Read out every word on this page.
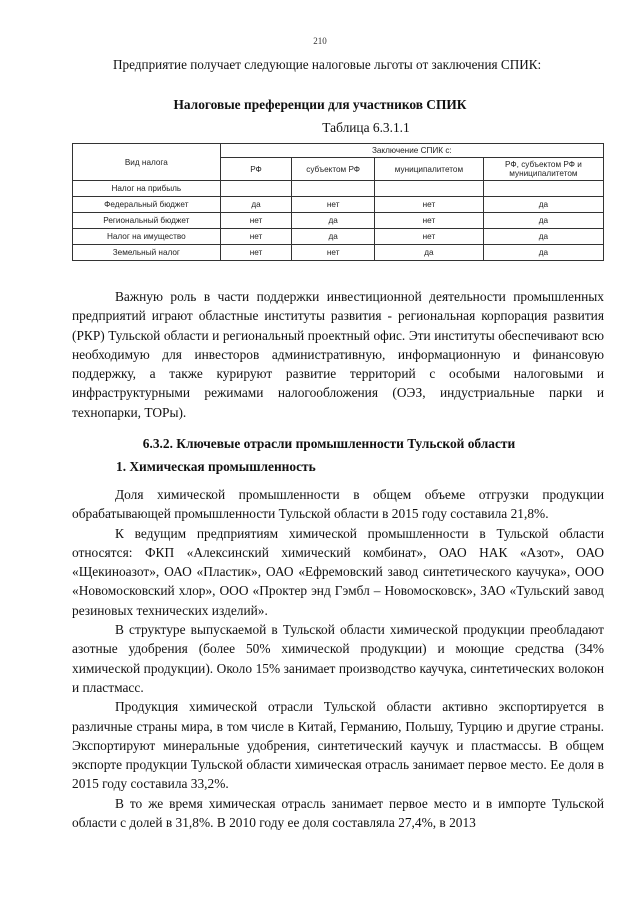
210
Предприятие получает следующие налоговые льготы от заключения СПИК:
Налоговые преференции для участников СПИК
Таблица 6.3.1.1
Вид налога	Заключение СПИК с:			
	РФ	субъектом РФ	муниципалитетом	РФ, субъектом РФ и муниципалитетом
Налог на прибыль				
Федеральный бюджет	да	нет	нет	да
Региональный бюджет	нет	да	нет	да
Налог на имущество	нет	да	нет	да
Земельный налог	нет	нет	да	да

Важную роль в части поддержки инвестиционной деятельности промышленных предприятий играют областные институты развития - региональная корпорация развития (РКР) Тульской области и региональный проектный офис. Эти институты обеспечивают всю необходимую для инвесторов административную, информационную и финансовую поддержку, а также курируют развитие территорий с особыми налоговыми и инфраструктурными режимами налогообложения (ОЭЗ, индустриальные парки и технопарки, ТОРы).

6.3.2. Ключевые отрасли промышленности Тульской области
1. Химическая промышленность

Доля химической промышленности в общем объеме отгрузки продукции обрабатывающей промышленности Тульской области в 2015 году составила 21,8%.

К ведущим предприятиям химической промышленности в Тульской области относятся: ФКП «Алексинский химический комбинат», ОАО НАК «Азот», ОАО «Щекиноазот», ОАО «Пластик», ОАО «Ефремовский завод синтетического каучука», ООО «Новомосковский хлор», ООО «Проктер энд Гэмбл – Новомосковск», ЗАО «Тульский завод резиновых технических изделий».

В структуре выпускаемой в Тульской области химической продукции преобладают азотные удобрения (более 50% химической продукции) и моющие средства (34% химической продукции). Около 15% занимает производство каучука, синтетических волокон и пластмасс.

Продукция химической отрасли Тульской области активно экспортируется в различные страны мира, в том числе в Китай, Германию, Польшу, Турцию и другие страны. Экспортируют минеральные удобрения, синтетический каучук и пластмассы. В общем экспорте продукции Тульской области химическая отрасль занимает первое место. Ее доля в 2015 году составила 33,2%.

В то же время химическая отрасль занимает первое место и в импорте Тульской области с долей в 31,8%. В 2010 году ее доля составляла 27,4%, в 2013
